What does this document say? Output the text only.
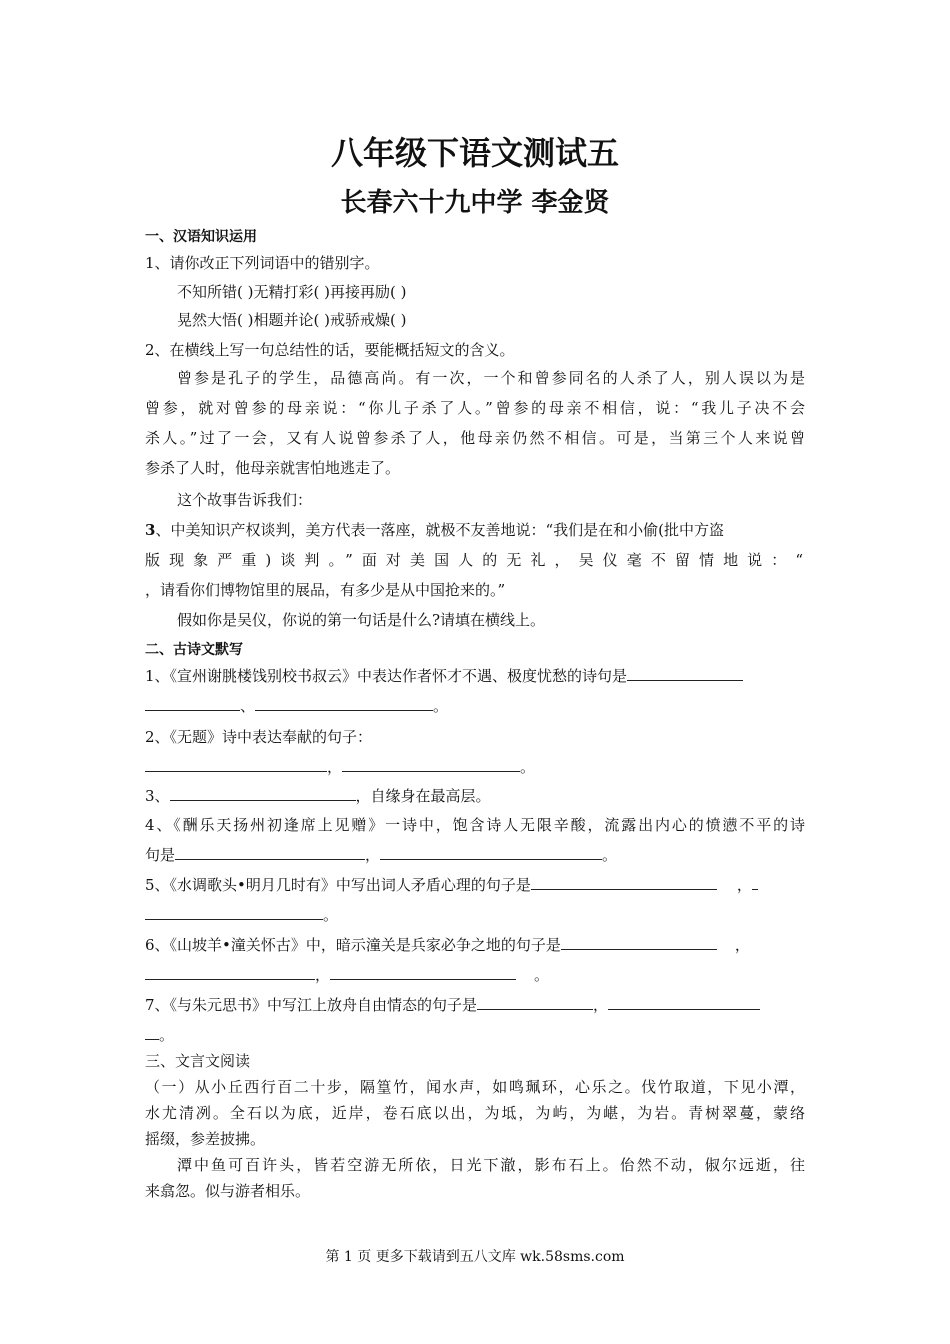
八年级下语文测试五
长春六十九中学 李金贤
一、汉语知识运用
1、请你改正下列词语中的错别字。
不知所错( )无精打彩( )再接再励( )
晃然大悟( )相题并论( )戒骄戒燥( )
2、在横线上写一句总结性的话，要能概括短文的含义。
曾参是孔子的学生，品德高尚。有一次，一个和曾参同名的人杀了人，别人误以为是
曾参，就对曾参的母亲说：“你儿子杀了人。”曾参的母亲不相信，说：“我儿子决不会
杀人。”过了一会，又有人说曾参杀了人，他母亲仍然不相信。可是，当第三个人来说曾
参杀了人时，他母亲就害怕地逃走了。
这个故事告诉我们：
3、中美知识产权谈判，美方代表一落座，就极不友善地说：“我们是在和小偷(批中方盗
版现象严重)谈判。”面对美国人的无礼，吴仪毫不留情地说：“
，请看你们博物馆里的展品，有多少是从中国抢来的。”
假如你是吴仪，你说的第一句话是什么?请填在横线上。
二、古诗文默写
1、《宣州谢朓楼饯别校书叔云》中表达作者怀才不遇、极度忧愁的诗句是
、	。
2、《无题》诗中表达奉献的句子：
，	。
3、	，自缘身在最高层。
4、《酬乐天扬州初逢席上见赠》一诗中，饱含诗人无限辛酸，流露出内心的愤懑不平的诗
句是	，	。
5、《水调歌头•明月几时有》中写出词人矛盾心理的句子是	，
。
6、《山坡羊•潼关怀古》中，暗示潼关是兵家必争之地的句子是	，
，	。
7、《与朱元思书》中写江上放舟自由情态的句子是	，
。
三、文言文阅读
（一）从小丘西行百二十步，隔篁竹，闻水声，如鸣珮环，心乐之。伐竹取道，下见小潭，
水尤清冽。全石以为底，近岸，卷石底以出，为坻，为屿，为嵁，为岩。青树翠蔓，蒙络
摇缀，参差披拂。
潭中鱼可百许头，皆若空游无所依，日光下澈，影布石上。佁然不动，俶尔远逝，往
来翕忽。似与游者相乐。
第 1 页 更多下载请到五八文库 wk.58sms.com
